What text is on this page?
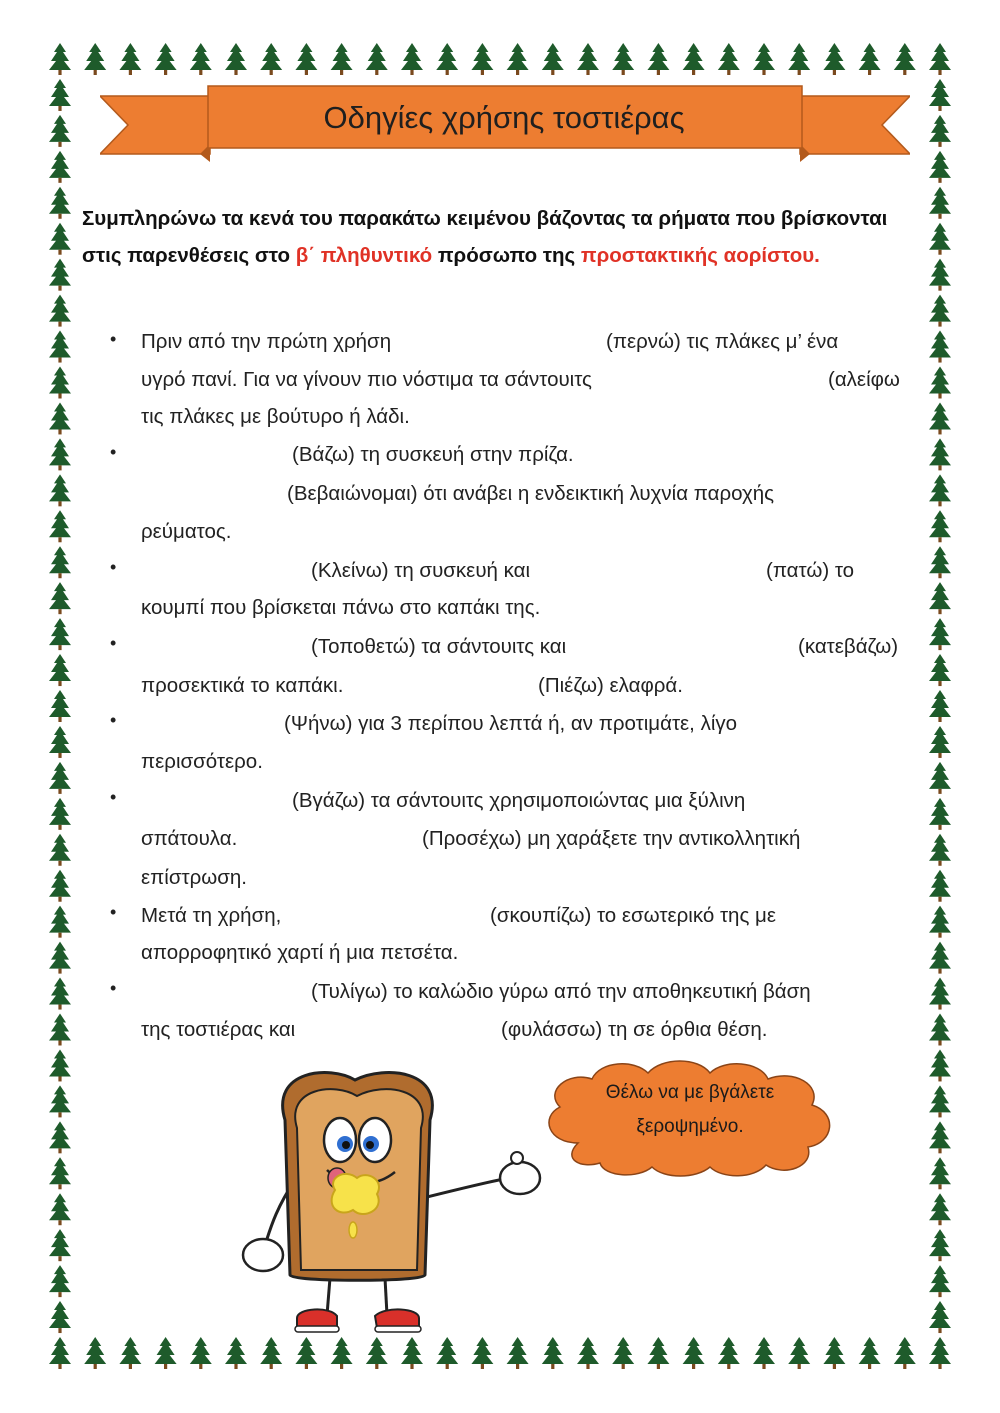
Οδηγίες χρήσης τοστιέρας
Συμπληρώνω τα κενά του παρακάτω κειμένου βάζοντας τα ρήματα που βρίσκονται στις παρενθέσεις στο β΄ πληθυντικό πρόσωπο της προστακτικής αορίστου.
•
•
•
•
•
•
•
•
Πριν από την πρώτη χρήση	(περνώ) τις πλάκες μ’ ένα
υγρό πανί. Για να γίνουν πιο νόστιμα τα σάντουιτς	(αλείφω
τις πλάκες με βούτυρο ή λάδι.
(Βάζω) τη συσκευή στην πρίζα.
(Βεβαιώνομαι) ότι ανάβει η ενδεικτική λυχνία παροχής
ρεύματος.
(Κλείνω) τη συσκευή και	(πατώ) το
κουμπί που βρίσκεται πάνω στο καπάκι της.
(Τοποθετώ) τα σάντουιτς και	(κατεβάζω)
προσεκτικά το καπάκι.	(Πιέζω) ελαφρά.
(Ψήνω) για 3 περίπου λεπτά ή, αν προτιμάτε, λίγο
περισσότερο.
(Βγάζω) τα σάντουιτς χρησιμοποιώντας μια ξύλινη
σπάτουλα.	(Προσέχω) μη χαράξετε την αντικολλητική
επίστρωση.
Μετά τη χρήση,	(σκουπίζω) το εσωτερικό της με
απορροφητικό χαρτί ή μια πετσέτα.
(Τυλίγω) το καλώδιο γύρω από την αποθηκευτική βάση
της τοστιέρας και	(φυλάσσω) τη σε όρθια θέση.
Θέλω να με βγάλετε
ξεροψημένο.
